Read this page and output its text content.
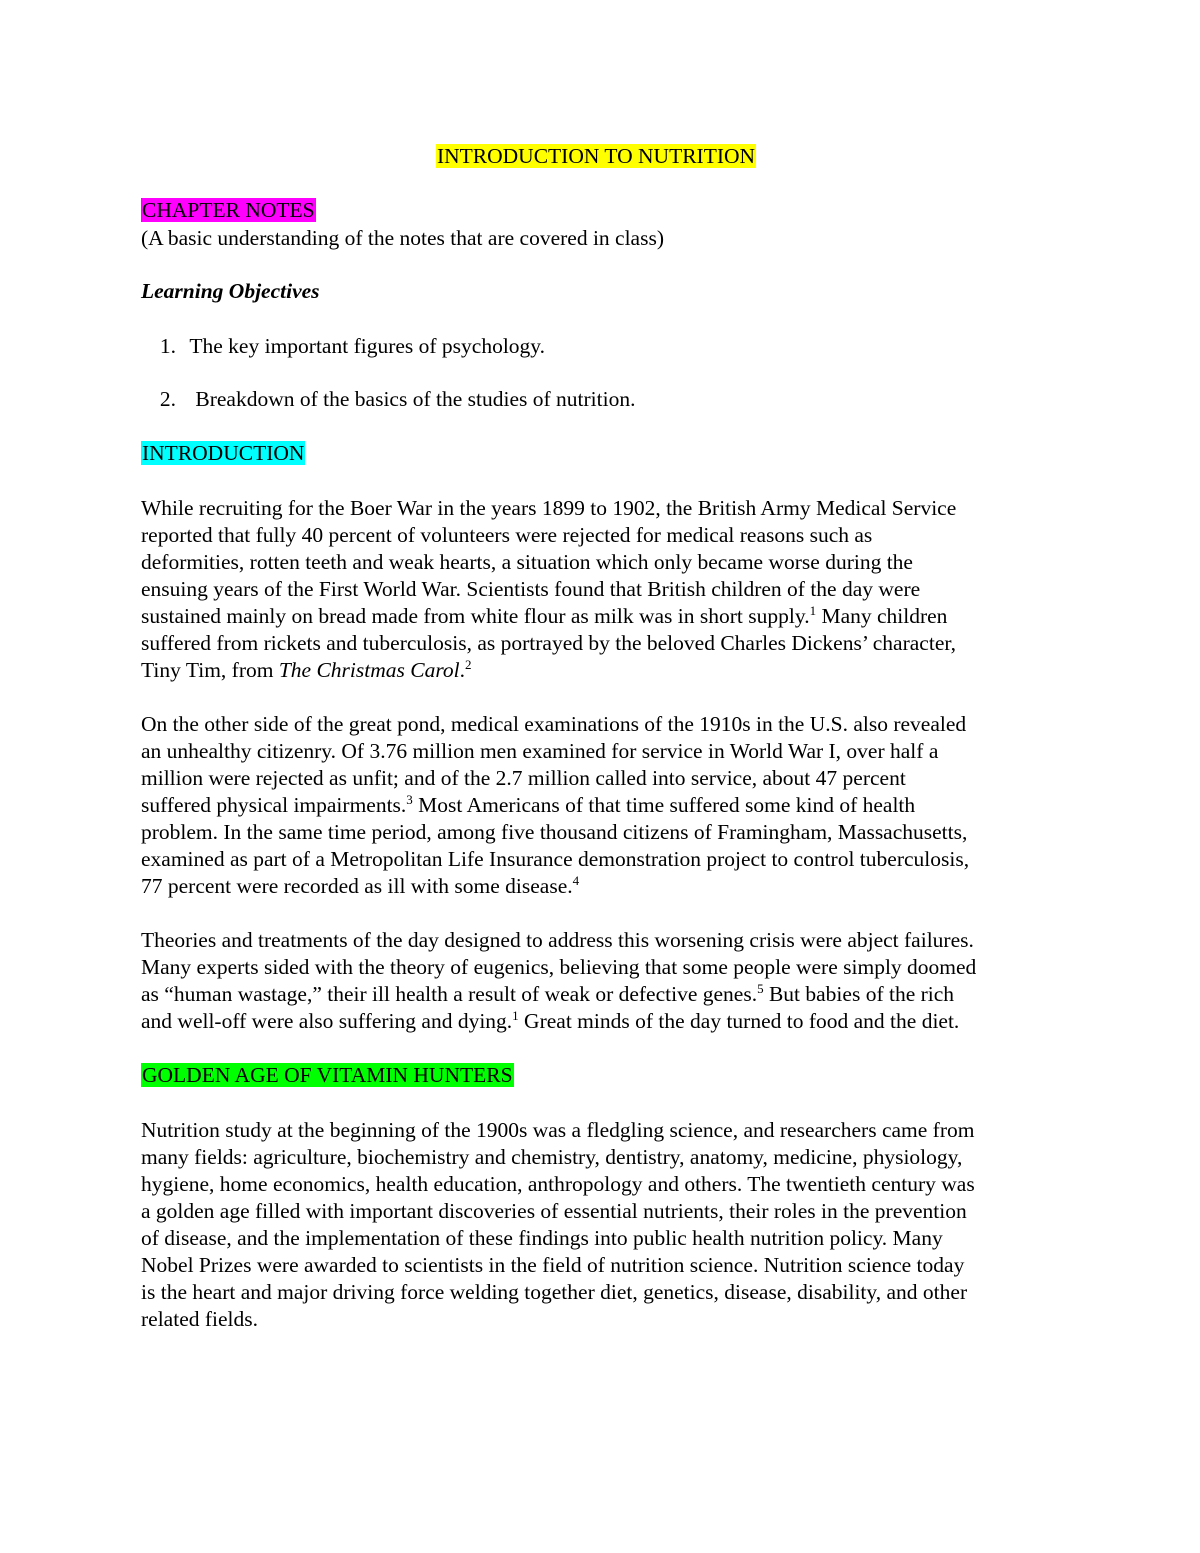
INTRODUCTION TO NUTRITION
CHAPTER NOTES
(A basic understanding of the notes that are covered in class)
Learning Objectives
1. The key important figures of psychology.
2. Breakdown of the basics of the studies of nutrition.
INTRODUCTION
While recruiting for the Boer War in the years 1899 to 1902, the British Army Medical Service
reported that fully 40 percent of volunteers were rejected for medical reasons such as
deformities, rotten teeth and weak hearts, a situation which only became worse during the
ensuing years of the First World War. Scientists found that British children of the day were
sustained mainly on bread made from white flour as milk was in short supply.$^1$ Many children
suffered from rickets and tuberculosis, as portrayed by the beloved Charles Dickens’ character,
Tiny Tim, from The Christmas Carol.$^2$
On the other side of the great pond, medical examinations of the 1910s in the U.S. also revealed
an unhealthy citizenry. Of 3.76 million men examined for service in World War I, over half a
million were rejected as unfit; and of the 2.7 million called into service, about 47 percent
suffered physical impairments.$^3$ Most Americans of that time suffered some kind of health
problem. In the same time period, among five thousand citizens of Framingham, Massachusetts,
examined as part of a Metropolitan Life Insurance demonstration project to control tuberculosis,
77 percent were recorded as ill with some disease.$^4$
Theories and treatments of the day designed to address this worsening crisis were abject failures.
Many experts sided with the theory of eugenics, believing that some people were simply doomed
as “human wastage,” their ill health a result of weak or defective genes.$^5$ But babies of the rich
and well-off were also suffering and dying.$^1$ Great minds of the day turned to food and the diet.
GOLDEN AGE OF VITAMIN HUNTERS
Nutrition study at the beginning of the 1900s was a fledgling science, and researchers came from
many fields: agriculture, biochemistry and chemistry, dentistry, anatomy, medicine, physiology,
hygiene, home economics, health education, anthropology and others. The twentieth century was
a golden age filled with important discoveries of essential nutrients, their roles in the prevention
of disease, and the implementation of these findings into public health nutrition policy. Many
Nobel Prizes were awarded to scientists in the field of nutrition science. Nutrition science today
is the heart and major driving force welding together diet, genetics, disease, disability, and other
related fields.
